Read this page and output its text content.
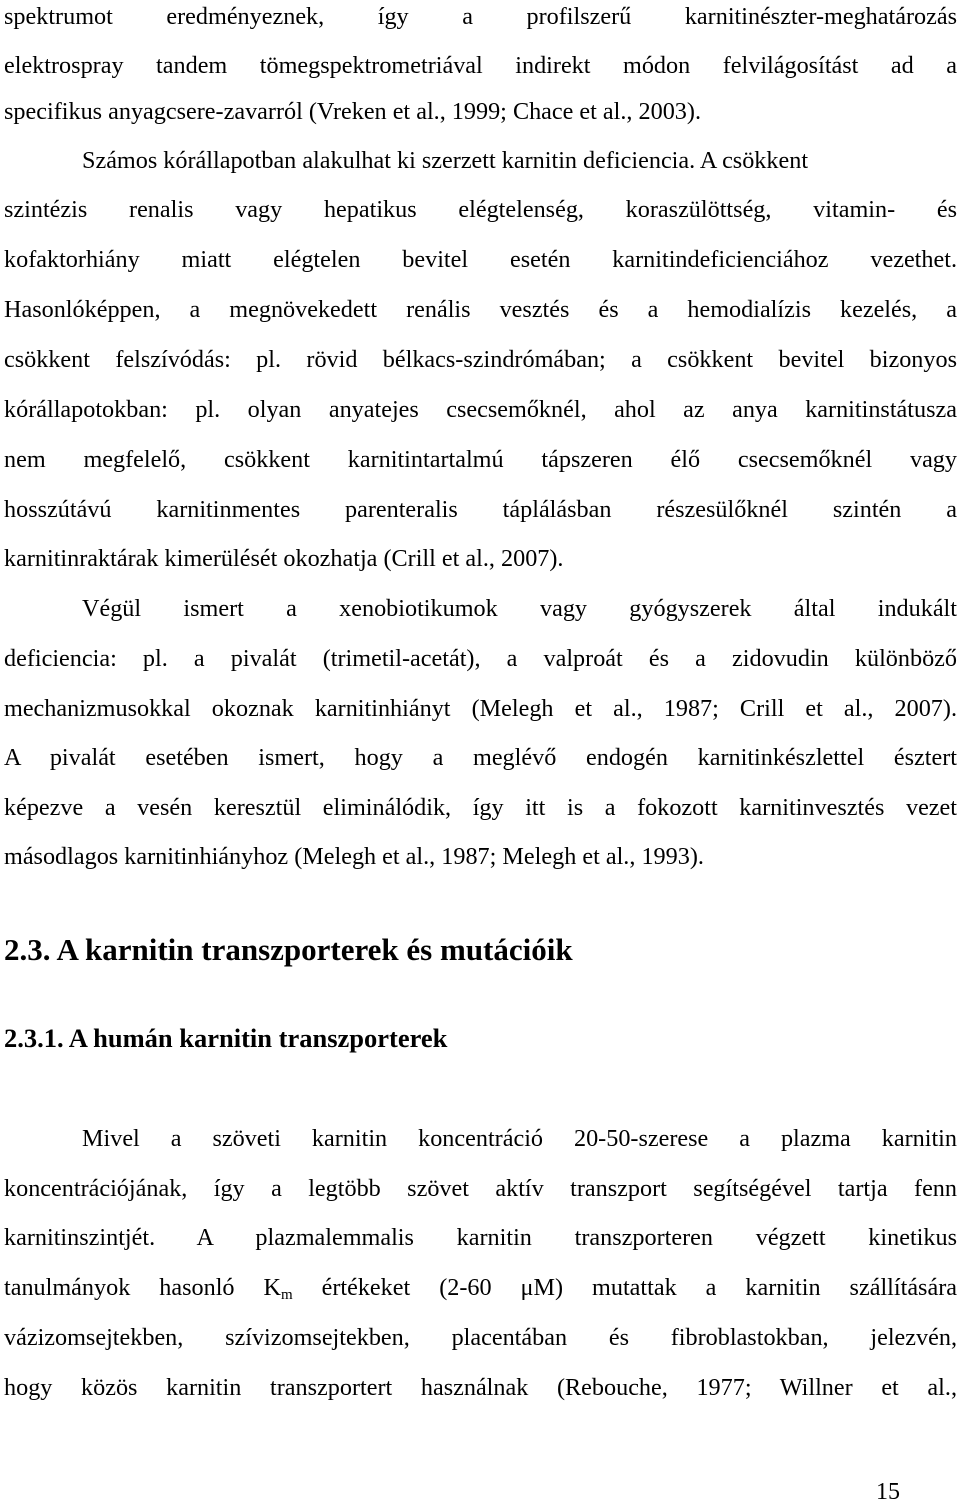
spektrumot eredményeznek, így a profilszerű karnitinészter-meghatározás
elektrospray tandem tömegspektrometriával indirekt módon felvilágosítást ad a
specifikus anyagcsere-zavarról (Vreken et al., 1999; Chace et al., 2003).
Számos kórállapotban alakulhat ki szerzett karnitin deficiencia. A csökkent
szintézis renalis vagy hepatikus elégtelenség, koraszülöttség, vitamin- és
kofaktorhiány miatt elégtelen bevitel esetén karnitindeficienciához vezethet.
Hasonlóképpen, a megnövekedett renális vesztés és a hemodialízis kezelés, a
csökkent felszívódás: pl. rövid bélkacs-szindrómában; a csökkent bevitel bizonyos
kórállapotokban: pl. olyan anyatejes csecsemőknél, ahol az anya karnitinstátusza
nem megfelelő, csökkent karnitintartalmú tápszeren élő csecsemőknél vagy
hosszútávú karnitinmentes parenteralis táplálásban részesülőknél szintén a
karnitinraktárak kimerülését okozhatja (Crill et al., 2007).
Végül ismert a xenobiotikumok vagy gyógyszerek által indukált
deficiencia: pl. a pivalát (trimetil-acetát), a valproát és a zidovudin különböző
mechanizmusokkal okoznak karnitinhiányt (Melegh et al., 1987; Crill et al., 2007).
A pivalát esetében ismert, hogy a meglévő endogén karnitinkészlettel észtert
képezve a vesén keresztül eliminálódik, így itt is a fokozott karnitinvesztés vezet
másodlagos karnitinhiányhoz (Melegh et al., 1987; Melegh et al., 1993).
2.3. A karnitin transzporterek és mutációik
2.3.1. A humán karnitin transzporterek
Mivel a szöveti karnitin koncentráció 20-50-szerese a plazma karnitin
koncentrációjának, így a legtöbb szövet aktív transzport segítségével tartja fenn
karnitinszintjét. A plazmalemmalis karnitin transzporteren végzett kinetikus
tanulmányok hasonló $K_m$ értékeket (2-60 μM) mutattak a karnitin szállítására
vázizomsejtekben, szívizomsejtekben, placentában és fibroblastokban, jelezvén,
hogy közös karnitin transzportert használnak (Rebouche, 1977; Willner et al.,
15
